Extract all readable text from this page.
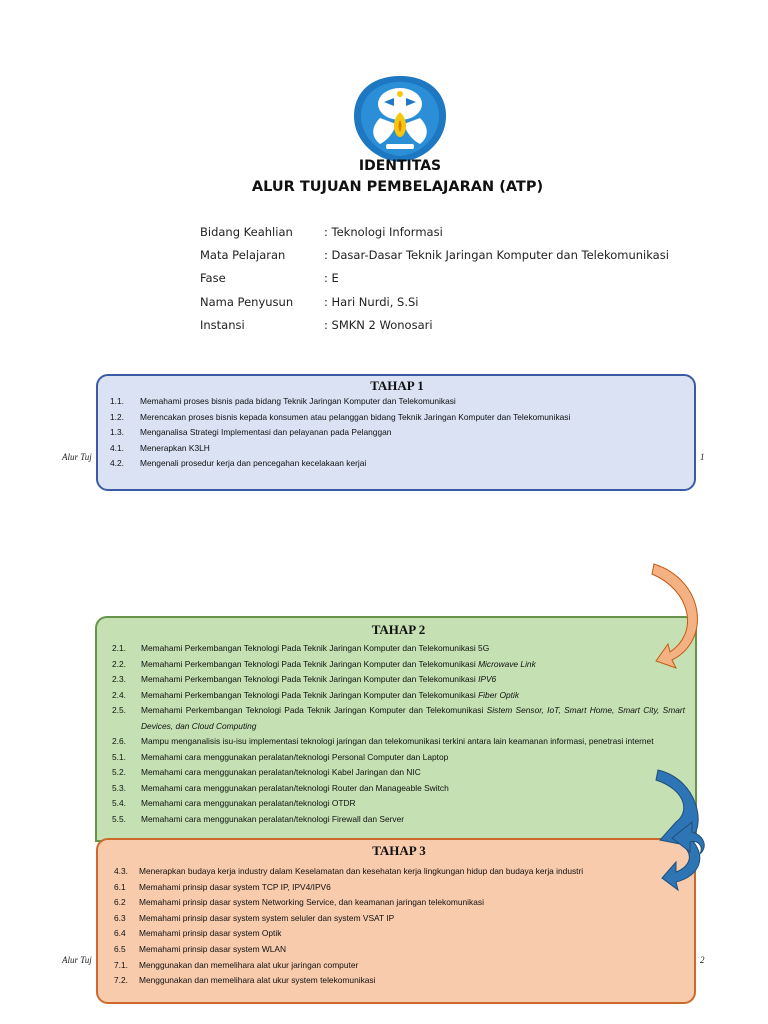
IDENTITAS
ALUR TUJUAN PEMBELAJARAN (ATP)
Bidang Keahlian	: Teknologi Informasi
Mata Pelajaran	: Dasar-Dasar Teknik Jaringan Komputer dan Telekomunikasi
Fase	: E
Nama Penyusun	: Hari Nurdi, S.Si
Instansi	: SMKN 2 Wonosari
Alur Tuj	1
Alur Tuj	2
TAHAP 1
1.1.	Memahami proses bisnis pada bidang Teknik Jaringan Komputer dan Telekomunikasi
1.2.	Merencakan proses bisnis kepada konsumen atau pelanggan bidang Teknik Jaringan Komputer dan Telekomunikasi
1.3.	Menganalisa Strategi Implementasi dan pelayanan pada Pelanggan
4.1.	Menerapkan K3LH
4.2.	Mengenali prosedur kerja dan pencegahan kecelakaan kerjai
TAHAP 2
2.1.	Memahami Perkembangan Teknologi Pada Teknik Jaringan Komputer dan Telekomunikasi 5G
2.2.	Memahami Perkembangan Teknologi Pada Teknik Jaringan Komputer dan Telekomunikasi Microwave Link
2.3.	Memahami Perkembangan Teknologi Pada Teknik Jaringan Komputer dan Telekomunikasi IPV6
2.4.	Memahami Perkembangan Teknologi Pada Teknik Jaringan Komputer dan Telekomunikasi Fiber Optik
2.5.	Memahami Perkembangan Teknologi Pada Teknik Jaringan Komputer dan Telekomunikasi Sistem Sensor, IoT, Smart Home, Smart City, Smart Devices, dan Cloud Computing
2.6.	Mampu menganalisis isu-isu implementasi teknologi jaringan dan telekomunikasi terkini antara lain keamanan informasi, penetrasi internet
5.1.	Memahami cara menggunakan peralatan/teknologi Personal Computer dan Laptop
5.2.	Memahami cara menggunakan peralatan/teknologi Kabel Jaringan dan NIC
5.3.	Memahami cara menggunakan peralatan/teknologi Router dan Manageable Switch
5.4.	Memahami cara menggunakan peralatan/teknologi OTDR
5.5.	Memahami cara menggunakan peralatan/teknologi Firewall dan Server
TAHAP 3
4.3.	Menerapkan budaya kerja industry dalam Keselamatan dan kesehatan kerja lingkungan hidup dan budaya kerja industri
6.1	Memahami prinsip dasar system TCP IP, IPV4/IPV6
6.2	Memahami prinsip dasar system Networking Service, dan keamanan jaringan telekomunikasi
6.3	Memahami prinsip dasar system system seluler dan system VSAT IP
6.4	Memahami prinsip dasar system Optik
6.5	Memahami prinsip dasar system WLAN
7.1.	Menggunakan dan memelihara alat ukur jaringan computer
7.2.	Menggunakan dan memelihara alat ukur system telekomunikasi
